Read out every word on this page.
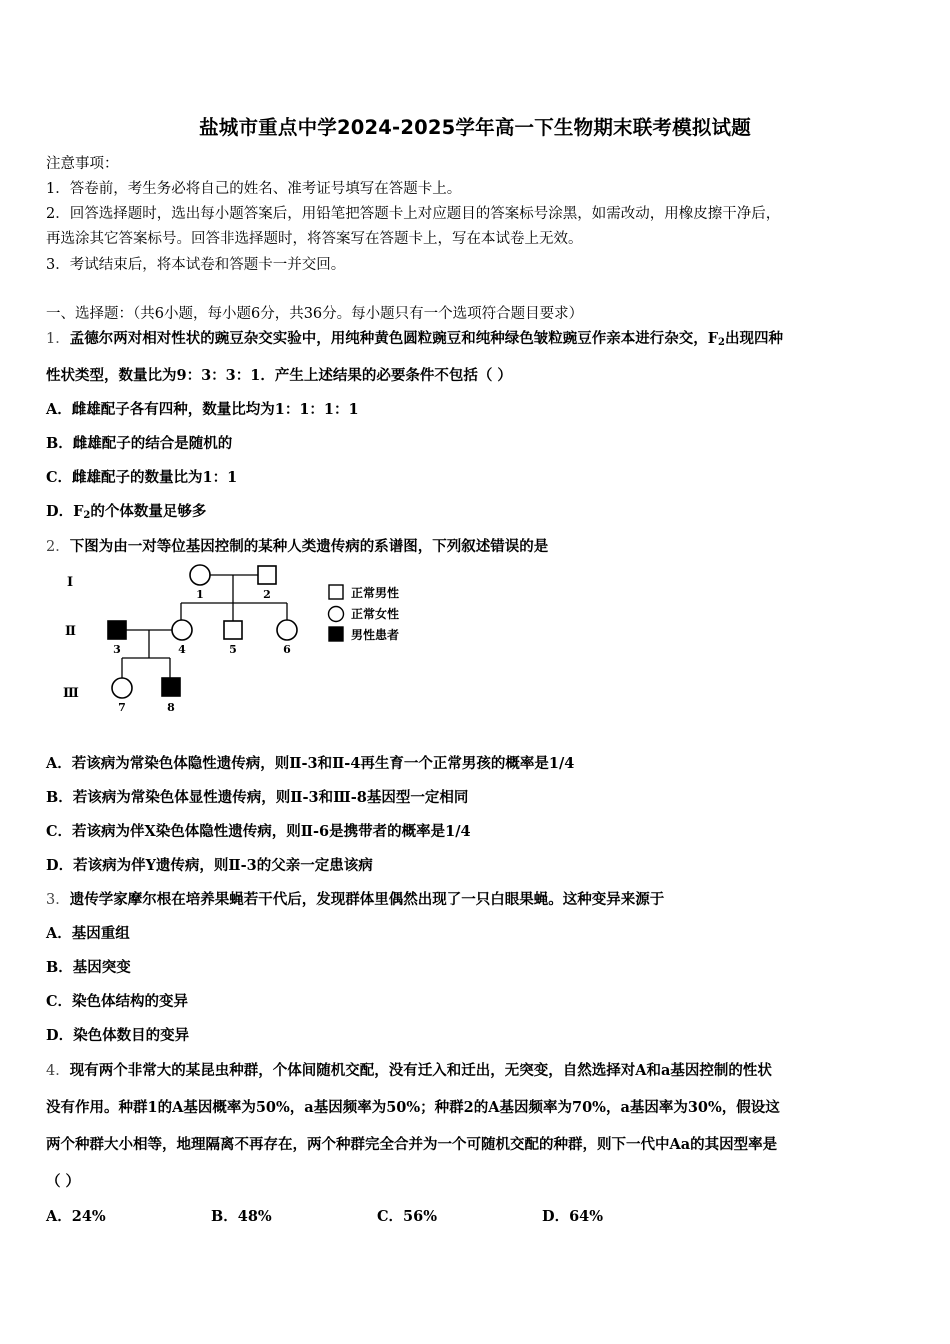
盐城市重点中学2024-2025学年高一下生物期末联考模拟试题
注意事项：
1．答卷前，考生务必将自己的姓名、准考证号填写在答题卡上。
2．回答选择题时，选出每小题答案后，用铅笔把答题卡上对应题目的答案标号涂黑，如需改动，用橡皮擦干净后，
再选涂其它答案标号。回答非选择题时，将答案写在答题卡上，写在本试卷上无效。
3．考试结束后，将本试卷和答题卡一并交回。
一、选择题：（共6小题，每小题6分，共36分。每小题只有一个选项符合题目要求）
1．孟德尔两对相对性状的豌豆杂交实验中，用纯种黄色圆粒豌豆和纯种绿色皱粒豌豆作亲本进行杂交，$F_2$出现四种
性状类型，数量比为9：3：3：1．产生上述结果的必要条件不包括（ ）
A．雌雄配子各有四种，数量比均为1：1：1：1
B．雌雄配子的结合是随机的
C．雌雄配子的数量比为1：1
D．$F_2$的个体数量足够多
2．下图为由一对等位基因控制的某种人类遗传病的系谱图，下列叙述错误的是
Ⅰ
Ⅱ
Ⅲ
1	2
3	4	5	6
7	8
正常男性
正常女性
男性患者
A．若该病为常染色体隐性遗传病，则Ⅱ-3和Ⅱ-4再生育一个正常男孩的概率是1/4
B．若该病为常染色体显性遗传病，则Ⅱ-3和Ⅲ-8基因型一定相同
C．若该病为伴X染色体隐性遗传病，则Ⅱ-6是携带者的概率是1/4
D．若该病为伴Y遗传病，则Ⅱ-3的父亲一定患该病
3．遗传学家摩尔根在培养果蝇若干代后，发现群体里偶然出现了一只白眼果蝇。这种变异来源于
A．基因重组
B．基因突变
C．染色体结构的变异
D．染色体数目的变异
4．现有两个非常大的某昆虫种群，个体间随机交配，没有迁入和迁出，无突变，自然选择对A和a基因控制的性状
没有作用。种群1的A基因概率为50%，a基因频率为50%；种群2的A基因频率为70%，a基因率为30%，假设这
两个种群大小相等，地理隔离不再存在，两个种群完全合并为一个可随机交配的种群，则下一代中Aa的其因型率是
（ ）
A．24%	B．48%	C．56%	D．64%
